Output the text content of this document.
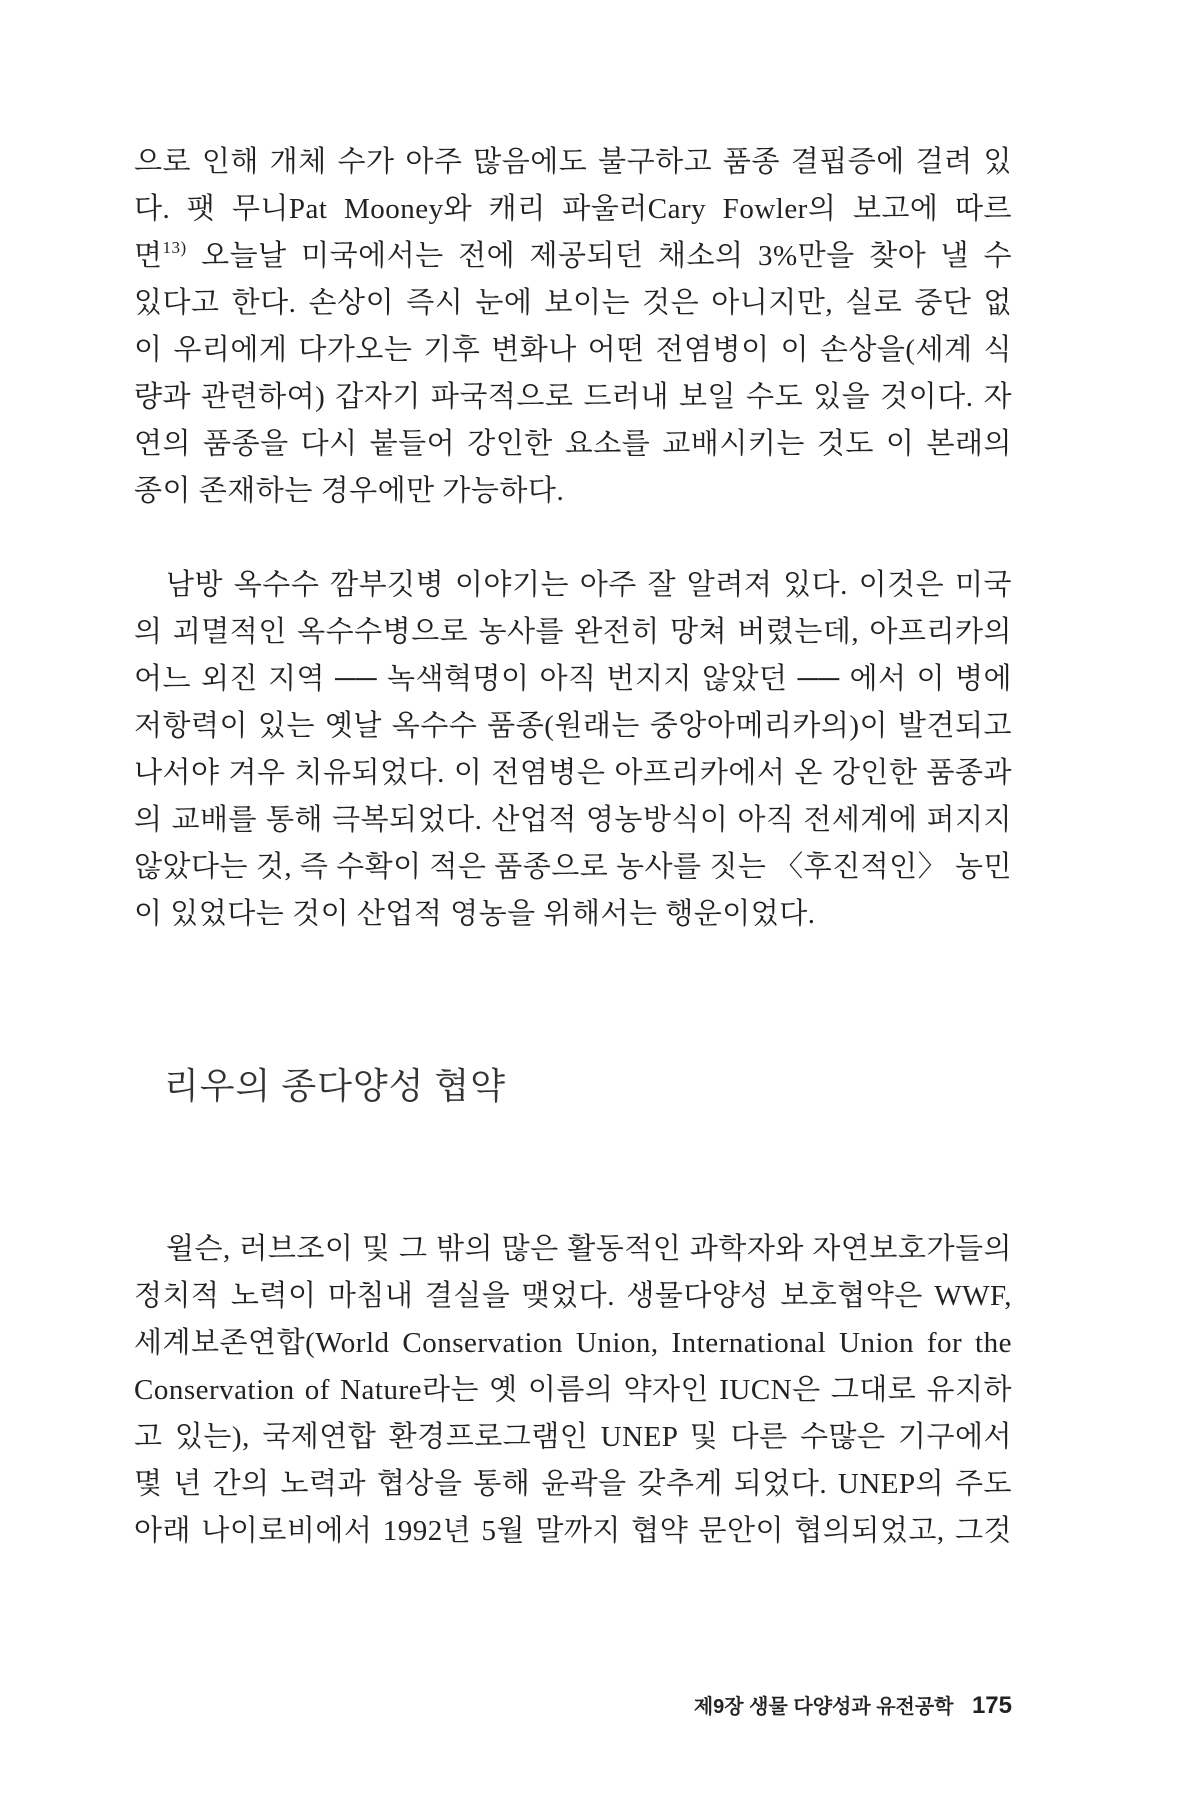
으로 인해 개체 수가 아주 많음에도 불구하고 품종 결핍증에 걸려 있
다. 팻 무니Pat Mooney와 캐리 파울러Cary Fowler의 보고에 따르
면$^{13)}$ 오늘날 미국에서는 전에 제공되던 채소의 3%만을 찾아 낼 수
있다고 한다. 손상이 즉시 눈에 보이는 것은 아니지만, 실로 중단 없
이 우리에게 다가오는 기후 변화나 어떤 전염병이 이 손상을(세계 식
량과 관련하여) 갑자기 파국적으로 드러내 보일 수도 있을 것이다. 자
연의 품종을 다시 붙들어 강인한 요소를 교배시키는 것도 이 본래의
종이 존재하는 경우에만 가능하다.
남방 옥수수 깜부깃병 이야기는 아주 잘 알려져 있다. 이것은 미국
의 괴멸적인 옥수수병으로 농사를 완전히 망쳐 버렸는데, 아프리카의
어느 외진 지역 ── 녹색혁명이 아직 번지지 않았던 ── 에서 이 병에
저항력이 있는 옛날 옥수수 품종(원래는 중앙아메리카의)이 발견되고
나서야 겨우 치유되었다. 이 전염병은 아프리카에서 온 강인한 품종과
의 교배를 통해 극복되었다. 산업적 영농방식이 아직 전세계에 퍼지지
않았다는 것, 즉 수확이 적은 품종으로 농사를 짓는 〈후진적인〉 농민
이 있었다는 것이 산업적 영농을 위해서는 행운이었다.
리우의 종다양성 협약
윌슨, 러브조이 및 그 밖의 많은 활동적인 과학자와 자연보호가들의
정치적 노력이 마침내 결실을 맺었다. 생물다양성 보호협약은 WWF,
세계보존연합(World Conservation Union, International Union for the
Conservation of Nature라는 옛 이름의 약자인 IUCN은 그대로 유지하
고 있는), 국제연합 환경프로그램인 UNEP 및 다른 수많은 기구에서
몇 년 간의 노력과 협상을 통해 윤곽을 갖추게 되었다. UNEP의 주도
아래 나이로비에서 1992년 5월 말까지 협약 문안이 협의되었고, 그것
제9장 생물 다양성과 유전공학 175
